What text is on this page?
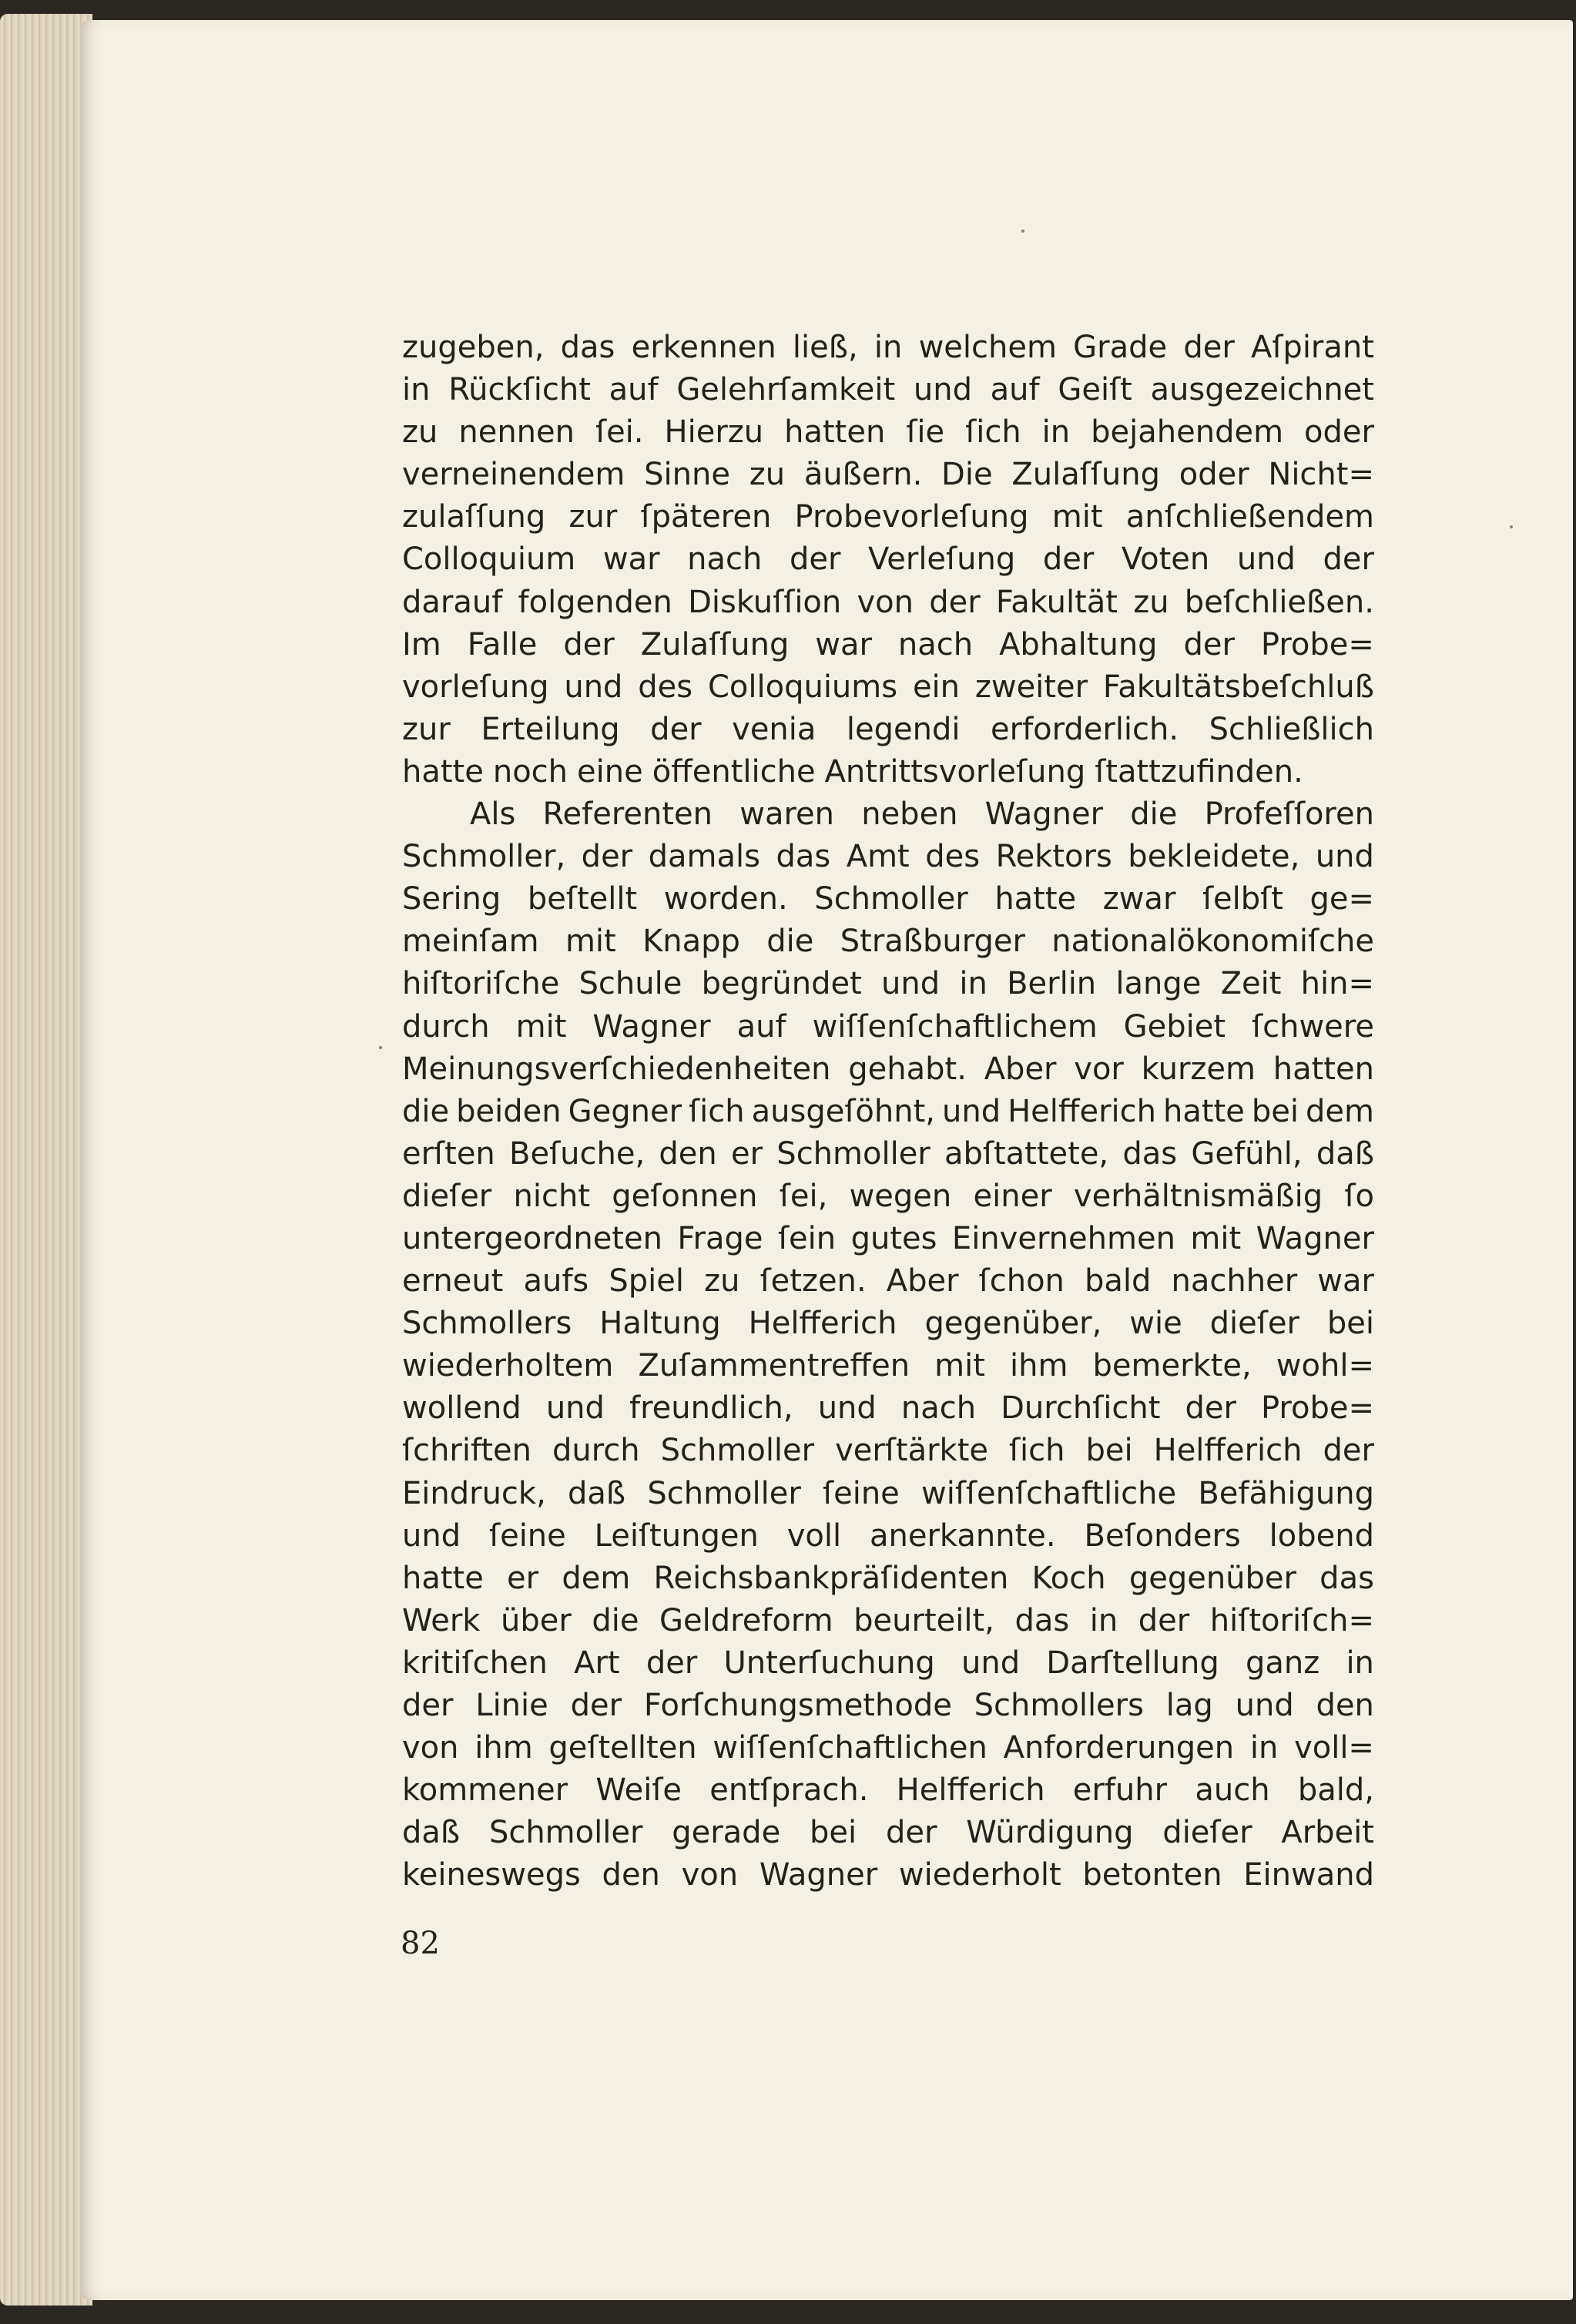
zugeben, das erkennen ließ, in welchem Grade der Aſpirant
in Rückſicht auf Gelehrſamkeit und auf Geiſt ausgezeichnet
zu nennen ſei. Hierzu hatten ſie ſich in bejahendem oder
verneinendem Sinne zu äußern. Die Zulaſſung oder Nicht=
zulaſſung zur ſpäteren Probevorleſung mit anſchließendem
Colloquium war nach der Verleſung der Voten und der
darauf folgenden Diskuſſion von der Fakultät zu beſchließen.
Im Falle der Zulaſſung war nach Abhaltung der Probe=
vorleſung und des Colloquiums ein zweiter Fakultätsbeſchluß
zur Erteilung der venia legendi erforderlich. Schließlich
hatte noch eine öffentliche Antrittsvorleſung ſtattzufinden.
Als Referenten waren neben Wagner die Profeſſoren
Schmoller, der damals das Amt des Rektors bekleidete, und
Sering beſtellt worden. Schmoller hatte zwar ſelbſt ge=
meinſam mit Knapp die Straßburger nationalökonomiſche
hiſtoriſche Schule begründet und in Berlin lange Zeit hin=
durch mit Wagner auf wiſſenſchaftlichem Gebiet ſchwere
Meinungsverſchiedenheiten gehabt. Aber vor kurzem hatten
die beiden Gegner ſich ausgeſöhnt, und Helfferich hatte bei dem
erſten Beſuche, den er Schmoller abſtattete, das Gefühl, daß
dieſer nicht geſonnen ſei, wegen einer verhältnismäßig ſo
untergeordneten Frage ſein gutes Einvernehmen mit Wagner
erneut aufs Spiel zu ſetzen. Aber ſchon bald nachher war
Schmollers Haltung Helfferich gegenüber, wie dieſer bei
wiederholtem Zuſammentreffen mit ihm bemerkte, wohl=
wollend und freundlich, und nach Durchſicht der Probe=
ſchriften durch Schmoller verſtärkte ſich bei Helfferich der
Eindruck, daß Schmoller ſeine wiſſenſchaftliche Befähigung
und ſeine Leiſtungen voll anerkannte. Beſonders lobend
hatte er dem Reichsbankpräſidenten Koch gegenüber das
Werk über die Geldreform beurteilt, das in der hiſtoriſch=
kritiſchen Art der Unterſuchung und Darſtellung ganz in
der Linie der Forſchungsmethode Schmollers lag und den
von ihm geſtellten wiſſenſchaftlichen Anforderungen in voll=
kommener Weiſe entſprach. Helfferich erfuhr auch bald,
daß Schmoller gerade bei der Würdigung dieſer Arbeit
keineswegs den von Wagner wiederholt betonten Einwand
82
